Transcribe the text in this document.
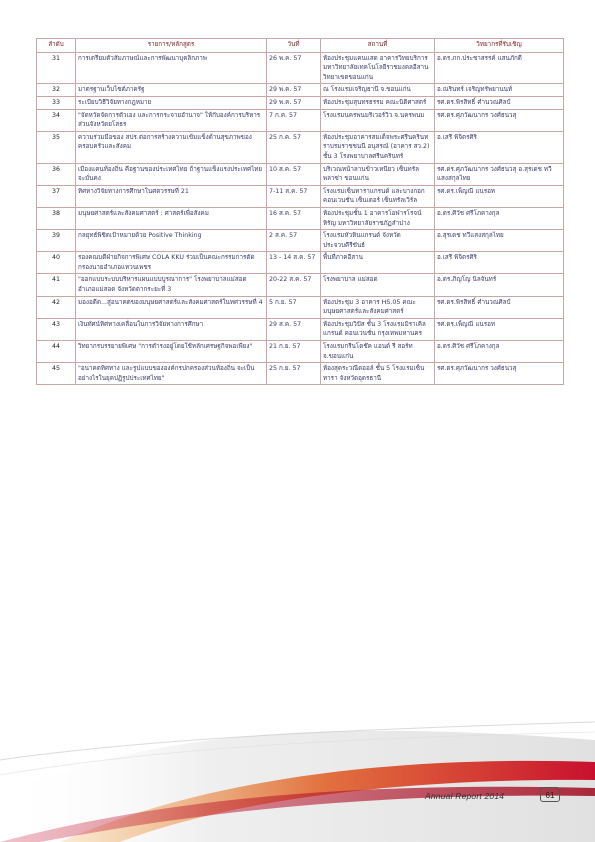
ลำดับ	รายการ/หลักสูตร	วันที่	สถานที่	วิทยากรที่รับเชิญ
31	การเตรียมตัวสัมภาษณ์และการพัฒนาบุคลิกภาพ	26 พ.ค. 57	ห้องประชุมแคนแสด อาคารวิทยบริการ มหาวิทยาลัยเทคโนโลยีราชมงคลอีสาน วิทยาเขตขอนแก่น	อ.ดร.ภก.ประชาสรรค์ แสนภักดี
32	มาตรฐานเว็บไซต์ภาครัฐ	29 พ.ค. 57	ณ โรงแรมเจริญธานี จ.ขอนแก่น	อ.ณรินทร์ เจริญทรัพยานนท์
33	ระเบียบวิธีวิจัยทางกฎหมาย	29 พ.ค. 57	ห้องประชุมสุนทรธรรม คณะนิติศาสตร์	รศ.ดร.พิรสิทธิ์ คำนวณศิลป์
34	"จัดหวัดจัดการตัวเอง และการกระจายอำนาจ" ให้กับองค์การบริหารส่วนจังหวัดยโสธร	7 ก.ค. 57	โรงแรมนครพนมริเวอร์วิว จ.นครพนม	รศ.ดร.ศุภวัฒนากร วงศ์ธนวสุ
35	ความร่วมมือของ สปร.ต่อการสร้างความเข้มแข็งด้านสุขภาพของครอบครัวและสังคม	25 ก.ค. 57	ห้องประชุมอาคารสมเด็จพระศรีนครินทราบรมราชชนนี อนุสรณ์ (อาคาร สว.2) ชั้น 3 โรงพยาบาลศรีนครินทร์	อ.เสรี พิจิตรศิริ
36	เมืองแคนท้องถิ่น คือฐานของประเทศไทย ถ้าฐานแข็งแรงประเทศไทยจะมั่นคง	10 ส.ค. 57	บริเวณหน้าลานข้าวเหนียว เซ็นทรัล พลาซ่า ขอนแก่น	รศ.ดร.ศุภวัฒนากร วงศ์ธนวสุ อ.สุรเดช ทวีแสงสกุลไทย
37	ทิศทางวิจัยทางการศึกษาในศตวรรษที่ 21	7-11 ส.ค. 57	โรงแรมเซ็นทาราแกรนด์ และบางกอกคอนเวนชั่น เซ็นเตอร์ เซ็นทรัลเวิร์ล	รศ.ดร.เพ็ญณี แนรอท
38	มนุษยศาสตร์และสังคมศาสตร์ : ศาสตร์เพื่อสังคม	16 ส.ค. 57	ห้องประชุมชั้น 1 อาคารโอฬารโรจน์หิรัญ มหาวิทยาลัยราชภัฏลำปาง	อ.ดร.ศิวัช ศรีโภคางกุล
39	กลยุทธ์พิชิตเป้าหมายด้วย Positive Thinking	2 ส.ค. 57	โรงแรมหัวหินแกรนด์ จังหวัดประจวบคีรีขันธ์	อ.สุรเดช ทวีแสงสกุลไทย
40	รองคณบดีฝ่ายกิจการพิเศษ COLA KKU ร่วมเป็นคณะกรรมการตัดกรองนายอำเภอแหวนเพชร	13 - 14 ส.ค. 57	พื้นที่ภาคอีสาน	อ.เสรี พิจิตรศิริ
41	"ออกแบบระบบบริหารแผนแบบบูรณาการ" โรงพยาบาลแม่สอด อำเภอแม่สอด จังหวัดตากระยะที่ 3	20-22 ส.ค. 57	โรงพยาบาล แม่สอด	อ.ดร.ภิญโญ นิลจันทร์
42	มองอดีต...สู่อนาคตของมนุษยศาสตร์และสังคมศาสตร์ในทศวรรษที่ 4	5 ก.ย. 57	ห้องประชุม 3 อาคาร HS.05 คณะมนุษยศาสตร์และสังคมศาสตร์	รศ.ดร.พิรสิทธิ์ คำนวณศิลป์
43	เงินทัศน์ทิศทางเคลื่อนในการวิจัยทางการศึกษา	29 ส.ค. 57	ห้องประชุมวิปัส ชั้น 3 โรงแรมมิราเคิลแกรนด์ คอนเวนชั่น กรุงเทพมหานคร	รศ.ดร.เพ็ญณี แนรอท
44	วิทยากรบรรยายพิเศษ "การดำรงอยู่โดยใช้หลักเศรษฐกิจพอเพียง"	21 ก.ย. 57	โรงแรมกรีนโดช๊ค แอนด์ รี สอร์ท จ.ขอนแก่น	อ.ดร.ศิวัช ศรีโภคางกุล
45	"อนาคตทิศทาง และรูปแบบขององค์กรปกครองส่วนท้องถิ่น จะเป็นอย่างไรในยุคปฏิรูปประเทศไทย"	25 ก.ย. 57	ห้องสุดระวณีดออล์ ชั้น 5 โรงแรมเซ็นทารา จังหวัดอุดรธานี	รศ.ดร.ศุภวัฒนากร วงศ์ธนวสุ
Annual Report 2014	61
